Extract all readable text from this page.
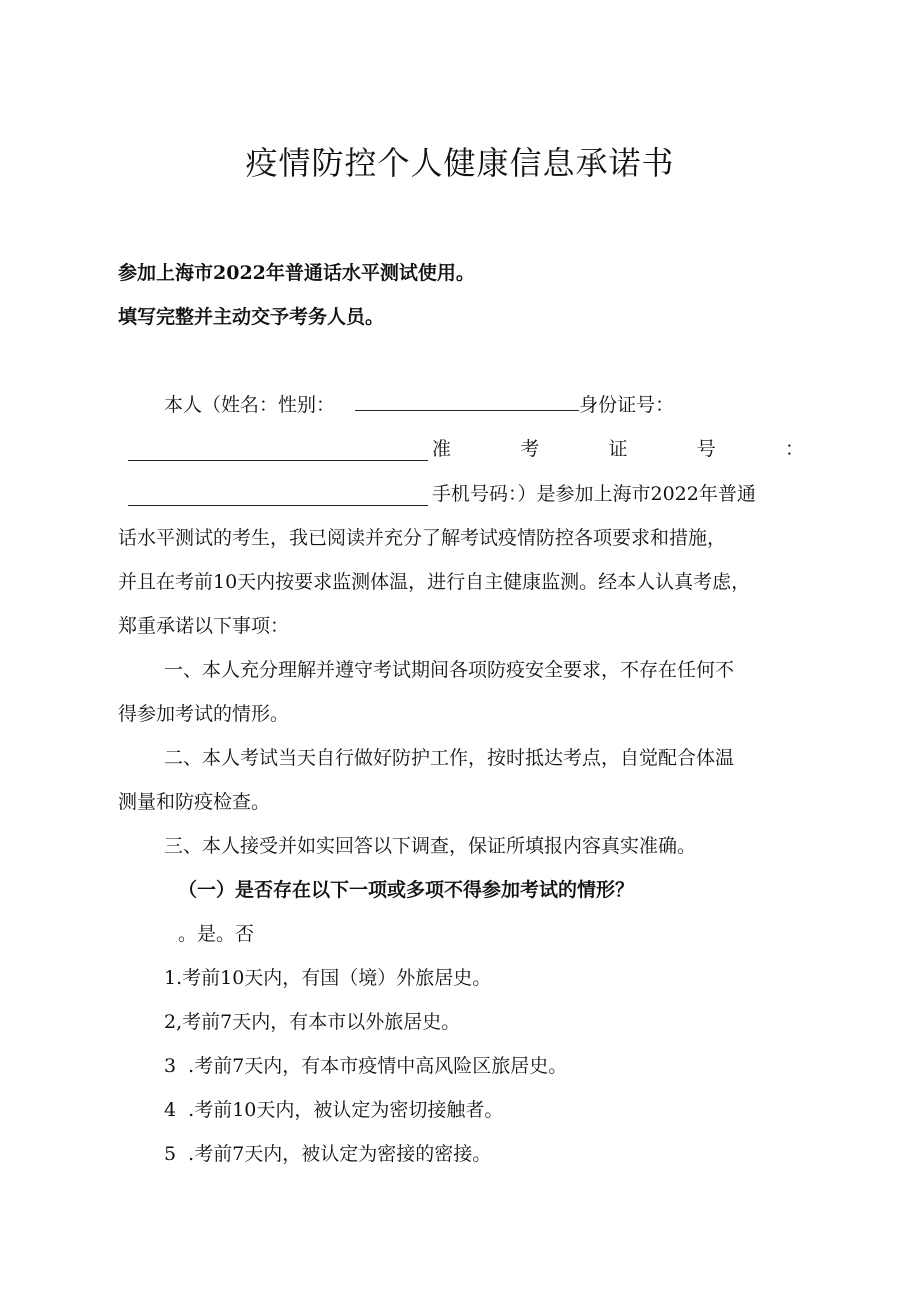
疫情防控个人健康信息承诺书
参加上海市2022年普通话水平测试使用。
填写完整并主动交予考务人员。
本人（姓名：性别：	身份证号：
准	考	证	号	：
手机号码：）是参加上海市2022年普通
话水平测试的考生，我已阅读并充分了解考试疫情防控各项要求和措施，
并且在考前10天内按要求监测体温，进行自主健康监测。经本人认真考虑，
郑重承诺以下事项：
一、本人充分理解并遵守考试期间各项防疫安全要求，不存在任何不
得参加考试的情形。
二、本人考试当天自行做好防护工作，按时抵达考点，自觉配合体温
测量和防疫检查。
三、本人接受并如实回答以下调查，保证所填报内容真实准确。
（一）是否存在以下一项或多项不得参加考试的情形？
。是。否
1.考前10天内，有国（境）外旅居史。
2,考前7天内，有本市以外旅居史。
3  .考前7天内，有本市疫情中高风险区旅居史。
4  .考前10天内，被认定为密切接触者。
5  .考前7天内，被认定为密接的密接。
